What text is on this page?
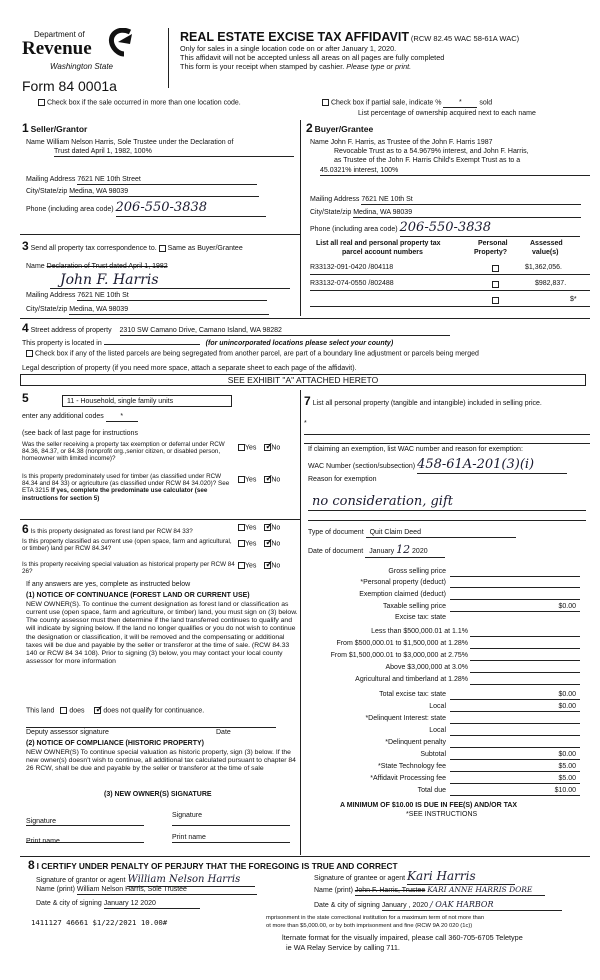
Department of
Revenue
Washington State
Form 84 0001a
REAL ESTATE EXCISE TAX AFFIDAVIT (RCW 82.45 WAC 58-61A WAC)
Only for sales in a single location code on or after January 1, 2020.
This affidavit will not be accepted unless all areas on all pages are fully completed
This form is your receipt when stamped by cashier. Please type or print.
Check box if the sale occurred in more than one location code.	Check box if partial sale, indicate %	*	sold
List percentage of ownership acquired next to each name
1 Seller/Grantor
Name William Nelson Harris, Sole Trustee under the Declaration of
Trust dated April 1, 1982, 100%
Mailing Address 7621 NE 10th Street
City/State/zip Medina, WA 98039
Phone (including area code) 206-550-3838
2 Buyer/Grantee
Name John F. Harris, as Trustee of the John F. Harris 1987
Revocable Trust as to a 54.9679% interest, and John F. Harris,
as Trustee of the John F. Harris Child's Exempt Trust as to a
45.0321% interest, 100%
Mailing Address 7621 NE 10th St
City/State/zip Medina, WA 98039
Phone (including area code) 206-550-3838
3 Send all property tax correspondence to. Same as Buyer/Grantee
Name Declaration of Trust dated April 1, 1982
John F. Harris
Mailing Address 7621 NE 10th St
City/State/zip Medina, WA 98039
List all real and personal property tax
parcel account numbers
Personal
Property?
Assessed
value(s)
R33132-091-0420 /804118	$1,362,056.
R33132-074-0550 /802488	$982,837.
$*
4 Street address of property 2310 SW Camano Drive, Camano Island, WA 98282
This property is located in	(for unincorporated locations please select your county)
Check box if any of the listed parcels are being segregated from another parcel, are part of a boundary line adjustment or parcels being merged
Legal description of property (if you need more space, attach a separate sheet to each page of the affidavit).
SEE EXHIBIT "A" ATTACHED HERETO
5	11 - Household, single family units
enter any additional codes *
(see back of last page for instructions
Was the seller receiving a property tax exemption or deferral under RCW 84.36, 84.37, or 84.38 (nonprofit org.,senior citizen, or disabled person, homeowner with limited income)?
Yes ✓ No
Is this property predominately used for timber (as classified under RCW 84.34 and 84 33) or agriculture (as classified under RCW 84 34.020)? See ETA 3215 If yes, complete the predominate use calculator (see instructions for section 5)
Yes ✓ No
6 Is this property designated as forest land per RCW 84 33?
Yes ✓ No
Is this property classified as current use (open space, farm and agricultural, or timber) land per RCW 84.34?
Yes ✓ No
Is this property receiving special valuation as historical property per RCW 84 26?
Yes ✓ No
If any answers are yes, complete as instructed below
(1) NOTICE OF CONTINUANCE (FOREST LAND OR CURRENT USE)
NEW OWNER(S). To continue the current designation as forest land or classification as current use (open space, farm and agriculture, or timber) land, you must sign on (3) below. The county assessor must then determine if the land transferred continues to qualify and will indicate by signing below. If the land no longer qualifies or you do not wish to continue the designation or classification, it will be removed and the compensating or additional taxes will be due and payable by the seller or transferor at the time of sale. (RCW 84.33 140 or RCW 84 34 108). Prior to signing (3) below, you may contact your local county assessor for more information
This land does ✓	does not qualify for continuance.
Deputy assessor signature	Date
(2) NOTICE OF COMPLIANCE (HISTORIC PROPERTY)
NEW OWNER(S) To continue special valuation as historic property, sign (3) below. If the new owner(s) doesn't wish to continue, all additional tax calculated pursuant to chapter 84 26 RCW, shall be due and payable by the seller or transferor at the time of sale
(3) NEW OWNER(S) SIGNATURE
Signature
Signature
Print name
Print name
7 List all personal property (tangible and intangible) included in selling price.
*
If claiming an exemption, list WAC number and reason for exemption:
WAC Number (section/subsection) 458-61A-201(3)(i)
Reason for exemption
no consideration, gift
Type of document Quit Claim Deed
Date of document January 12 2020
Gross selling price
*Personal property (deduct)
Exemption claimed (deduct)
Taxable selling price	$0.00
Excise tax: state
Less than $500,000.01 at 1.1%
From $500,000.01 to $1,500,000 at 1.28%
From $1,500,000.01 to $3,000,000 at 2.75%
Above $3,000,000 at 3.0%
Agricultural and timberland at 1.28%
Total excise tax: state	$0.00
Local	$0.00
*Delinquent Interest: state
Local
*Delinquent penalty
Subtotal	$0.00
*State Technology fee	$5.00
*Affidavit Processing fee	$5.00
Total due	$10.00
A MINIMUM OF $10.00 IS DUE IN FEE(S) AND/OR TAX
*SEE INSTRUCTIONS
8 I CERTIFY UNDER PENALTY OF PERJURY THAT THE FOREGOING IS TRUE AND CORRECT
Signature of grantor or agent William Nelson Harris
Name (print) William Nelson Harris, Sole Trustee
Date & city of signing January 12 2020
Signature of grantee or agent Kari Harris
Name (print) John F. Harris, Trustee KARI ANNE HARRIS DORE
Date & city of signing January , 2020 / OAK HARBOR
1411127 46661 $1/22/2021 10.00#	mprisonment in the state correctional institution for a maximum term of not more than
ot more than $5,000.00, or by both imprisonment and fine (RCW 9A 20 020 (1c))
lternate format for the visually impaired, please call 360-705-6705 Teletype
ie WA Relay Service by calling 711.
